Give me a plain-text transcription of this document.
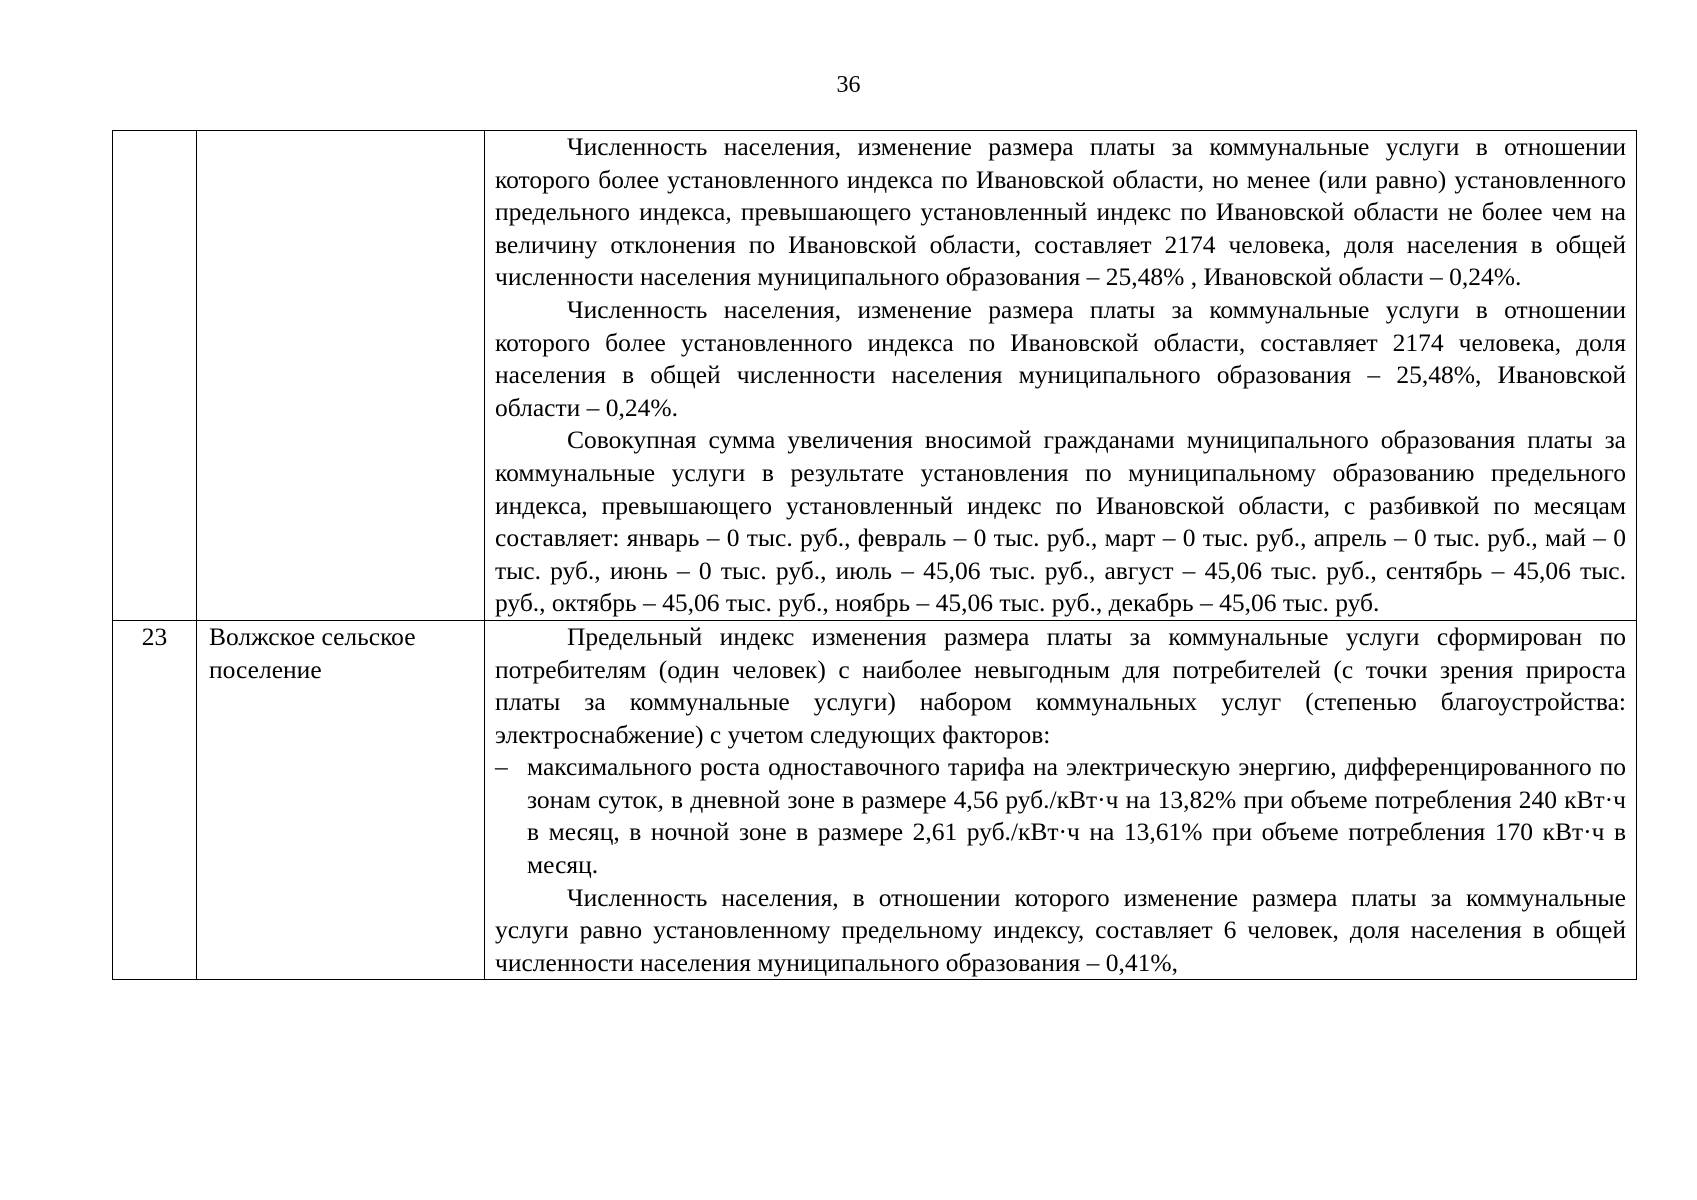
36

		Численность населения, изменение размера платы за коммунальные услуги в отношении которого более установленного индекса по Ивановской области, но менее (или равно) установленного предельного индекса, превышающего установленный индекс по Ивановской области не более чем на величину отклонения по Ивановской области, составляет 2174 человека, доля населения в общей численности населения муниципального образования – 25,48% , Ивановской области – 0,24%.

Численность населения, изменение размера платы за коммунальные услуги в отношении которого более установленного индекса по Ивановской области, составляет 2174 человека, доля населения в общей численности населения муниципального образования – 25,48%, Ивановской области – 0,24%.

Совокупная сумма увеличения вносимой гражданами муниципального образования платы за коммунальные услуги в результате установления по муниципальному образованию предельного индекса, превышающего установленный индекс по Ивановской области, с разбивкой по месяцам составляет: январь – 0 тыс. руб., февраль – 0 тыс. руб., март – 0 тыс. руб., апрель – 0 тыс. руб., май – 0 тыс. руб., июнь – 0 тыс. руб., июль – 45,06 тыс. руб., август – 45,06 тыс. руб., сентябрь – 45,06 тыс. руб., октябрь – 45,06 тыс. руб., ноябрь – 45,06 тыс. руб., декабрь – 45,06 тыс. руб.

23	Волжское сельское поселение	Предельный индекс изменения размера платы за коммунальные услуги сформирован по потребителям (один человек) с наиболее невыгодным для потребителей (с точки зрения прироста платы за коммунальные услуги) набором коммунальных услуг (степенью благоустройства: электроснабжение) с учетом следующих факторов:

– максимального роста одноставочного тарифа на электрическую энергию, дифференцированного по зонам суток, в дневной зоне в размере 4,56 руб./кВт·ч на 13,82% при объеме потребления 240 кВт·ч в месяц, в ночной зоне в размере 2,61 руб./кВт·ч на 13,61% при объеме потребления 170 кВт·ч в месяц.

Численность населения, в отношении которого изменение размера платы за коммунальные услуги равно установленному предельному индексу, составляет 6 человек, доля населения в общей численности населения муниципального образования – 0,41%,
